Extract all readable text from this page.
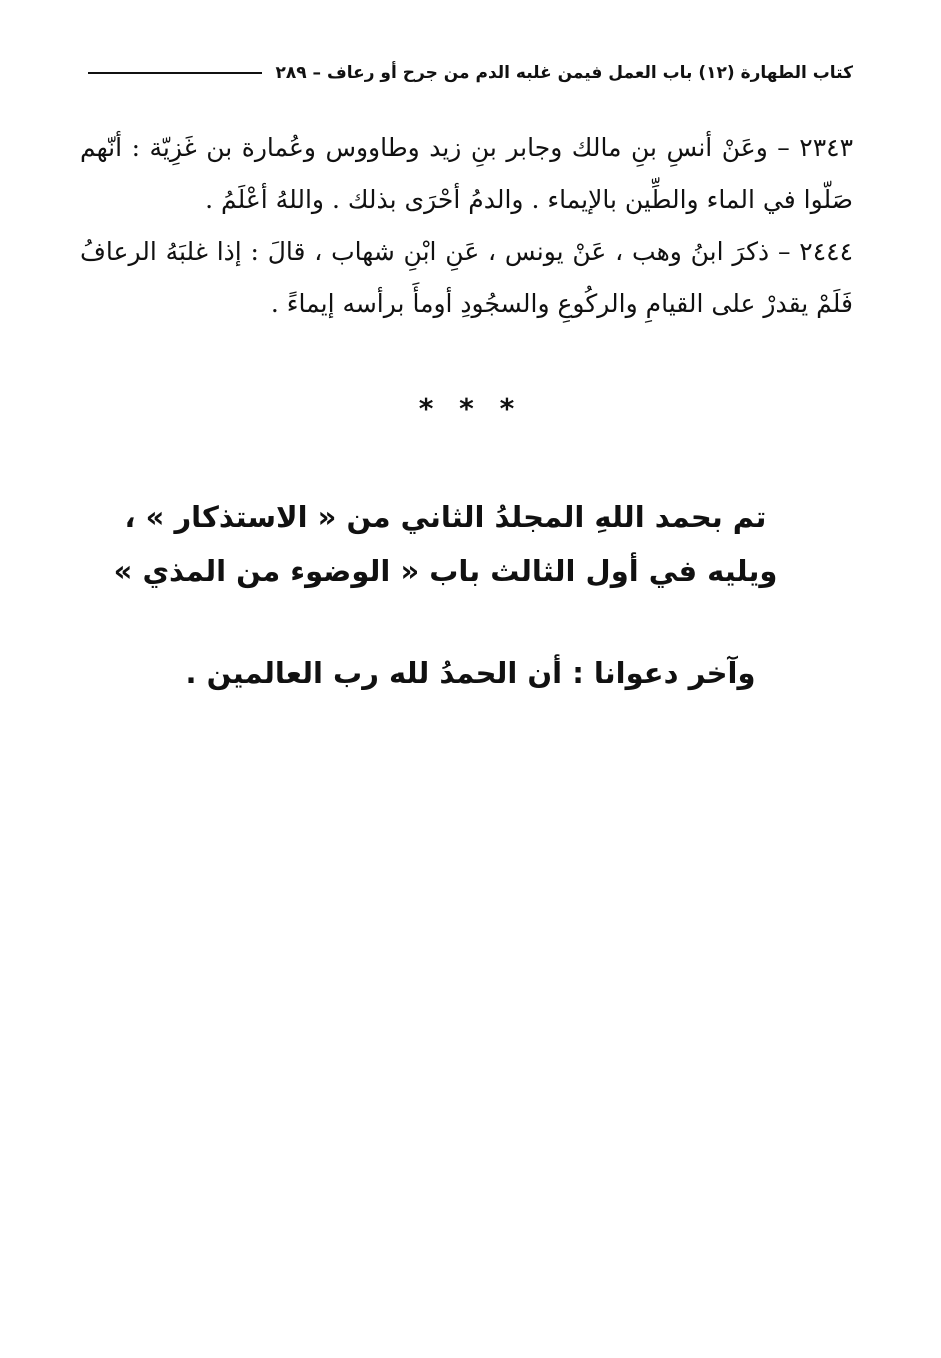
كتاب الطهارة (١٢) باب العمل فيمن غلبه الدم من جرح أو رعاف – ٢٨٩

٢٣٤٣ – وعَنْ أنسِ بنِ مالك وجابر بنِ زيد وطاووس وعُمارة بن غَزِيّة : أنّهم صَلّوا في الماء والطِّين بالإيماء . والدمُ أحْرَى بذلك . واللهُ أعْلَمُ .

٢٤٤٤ – ذكرَ ابنُ وهب ، عَنْ يونس ، عَنِ ابْنِ شهاب ، قالَ : إذا غلبَهُ الرعافُ فَلَمْ يقدرْ على القيامِ والركُوعِ والسجُودِ أومأَ برأسه إيماءً .

* * *
تم بحمد اللهِ المجلدُ الثاني من « الاستذكار » ، ويليه في أول الثالث باب « الوضوء من المذي »
وآخر دعوانا : أن الحمدُ لله رب العالمين .
